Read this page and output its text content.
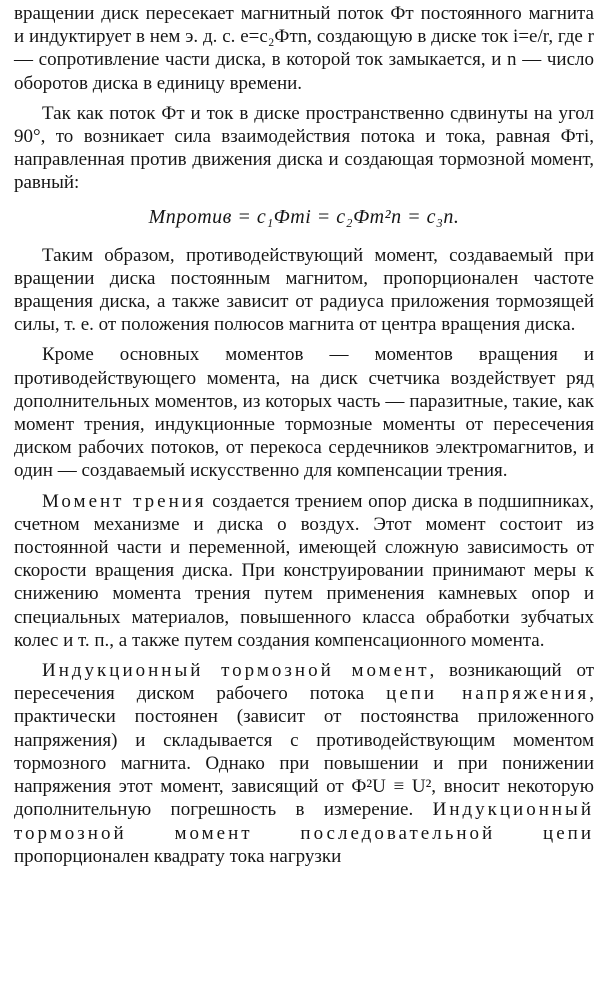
вращении диск пересекает магнитный поток Фт постоянного магнита и индуктирует в нем э. д. с. e=c₂Фтn, создающую в диске ток i=e/r, где r — сопротивление части диска, в которой ток замыкается, и n — число оборотов диска в единицу времени.

Так как поток Фт и ток в диске пространственно сдвинуты на угол 90°, то возникает сила взаимодействия потока и тока, равная Фтi, направленная против движения диска и создающая тормозной момент, равный:

Mпротив = c₁Фтi = c₂Фт²n = c₃n.

Таким образом, противодействующий момент, создаваемый при вращении диска постоянным магнитом, пропорционален частоте вращения диска, а также зависит от радиуса приложения тормозящей силы, т. е. от положения полюсов магнита от центра вращения диска.

Кроме основных моментов — моментов вращения и противодействующего момента, на диск счетчика воздействует ряд дополнительных моментов, из которых часть — паразитные, такие, как момент трения, индукционные тормозные моменты от пересечения диском рабочих потоков, от перекоса сердечников электромагнитов, и один — создаваемый искусственно для компенсации трения.

Момент трения создается трением опор диска в подшипниках, счетном механизме и диска о воздух. Этот момент состоит из постоянной части и переменной, имеющей сложную зависимость от скорости вращения диска. При конструировании принимают меры к снижению момента трения путем применения камневых опор и специальных материалов, повышенного класса обработки зубчатых колес и т. п., а также путем создания компенсационного момента.

Индукционный тормозной момент, возникающий от пересечения диском рабочего потока цепи напряжения, практически постоянен (зависит от постоянства приложенного напряжения) и складывается с противодействующим моментом тормозного магнита. Однако при повышении и при понижении напряжения этот момент, зависящий от Ф²U ≡ U², вносит некоторую дополнительную погрешность в измерение. Индукционный тормозной момент последовательной цепи пропорционален квадрату тока нагрузки
